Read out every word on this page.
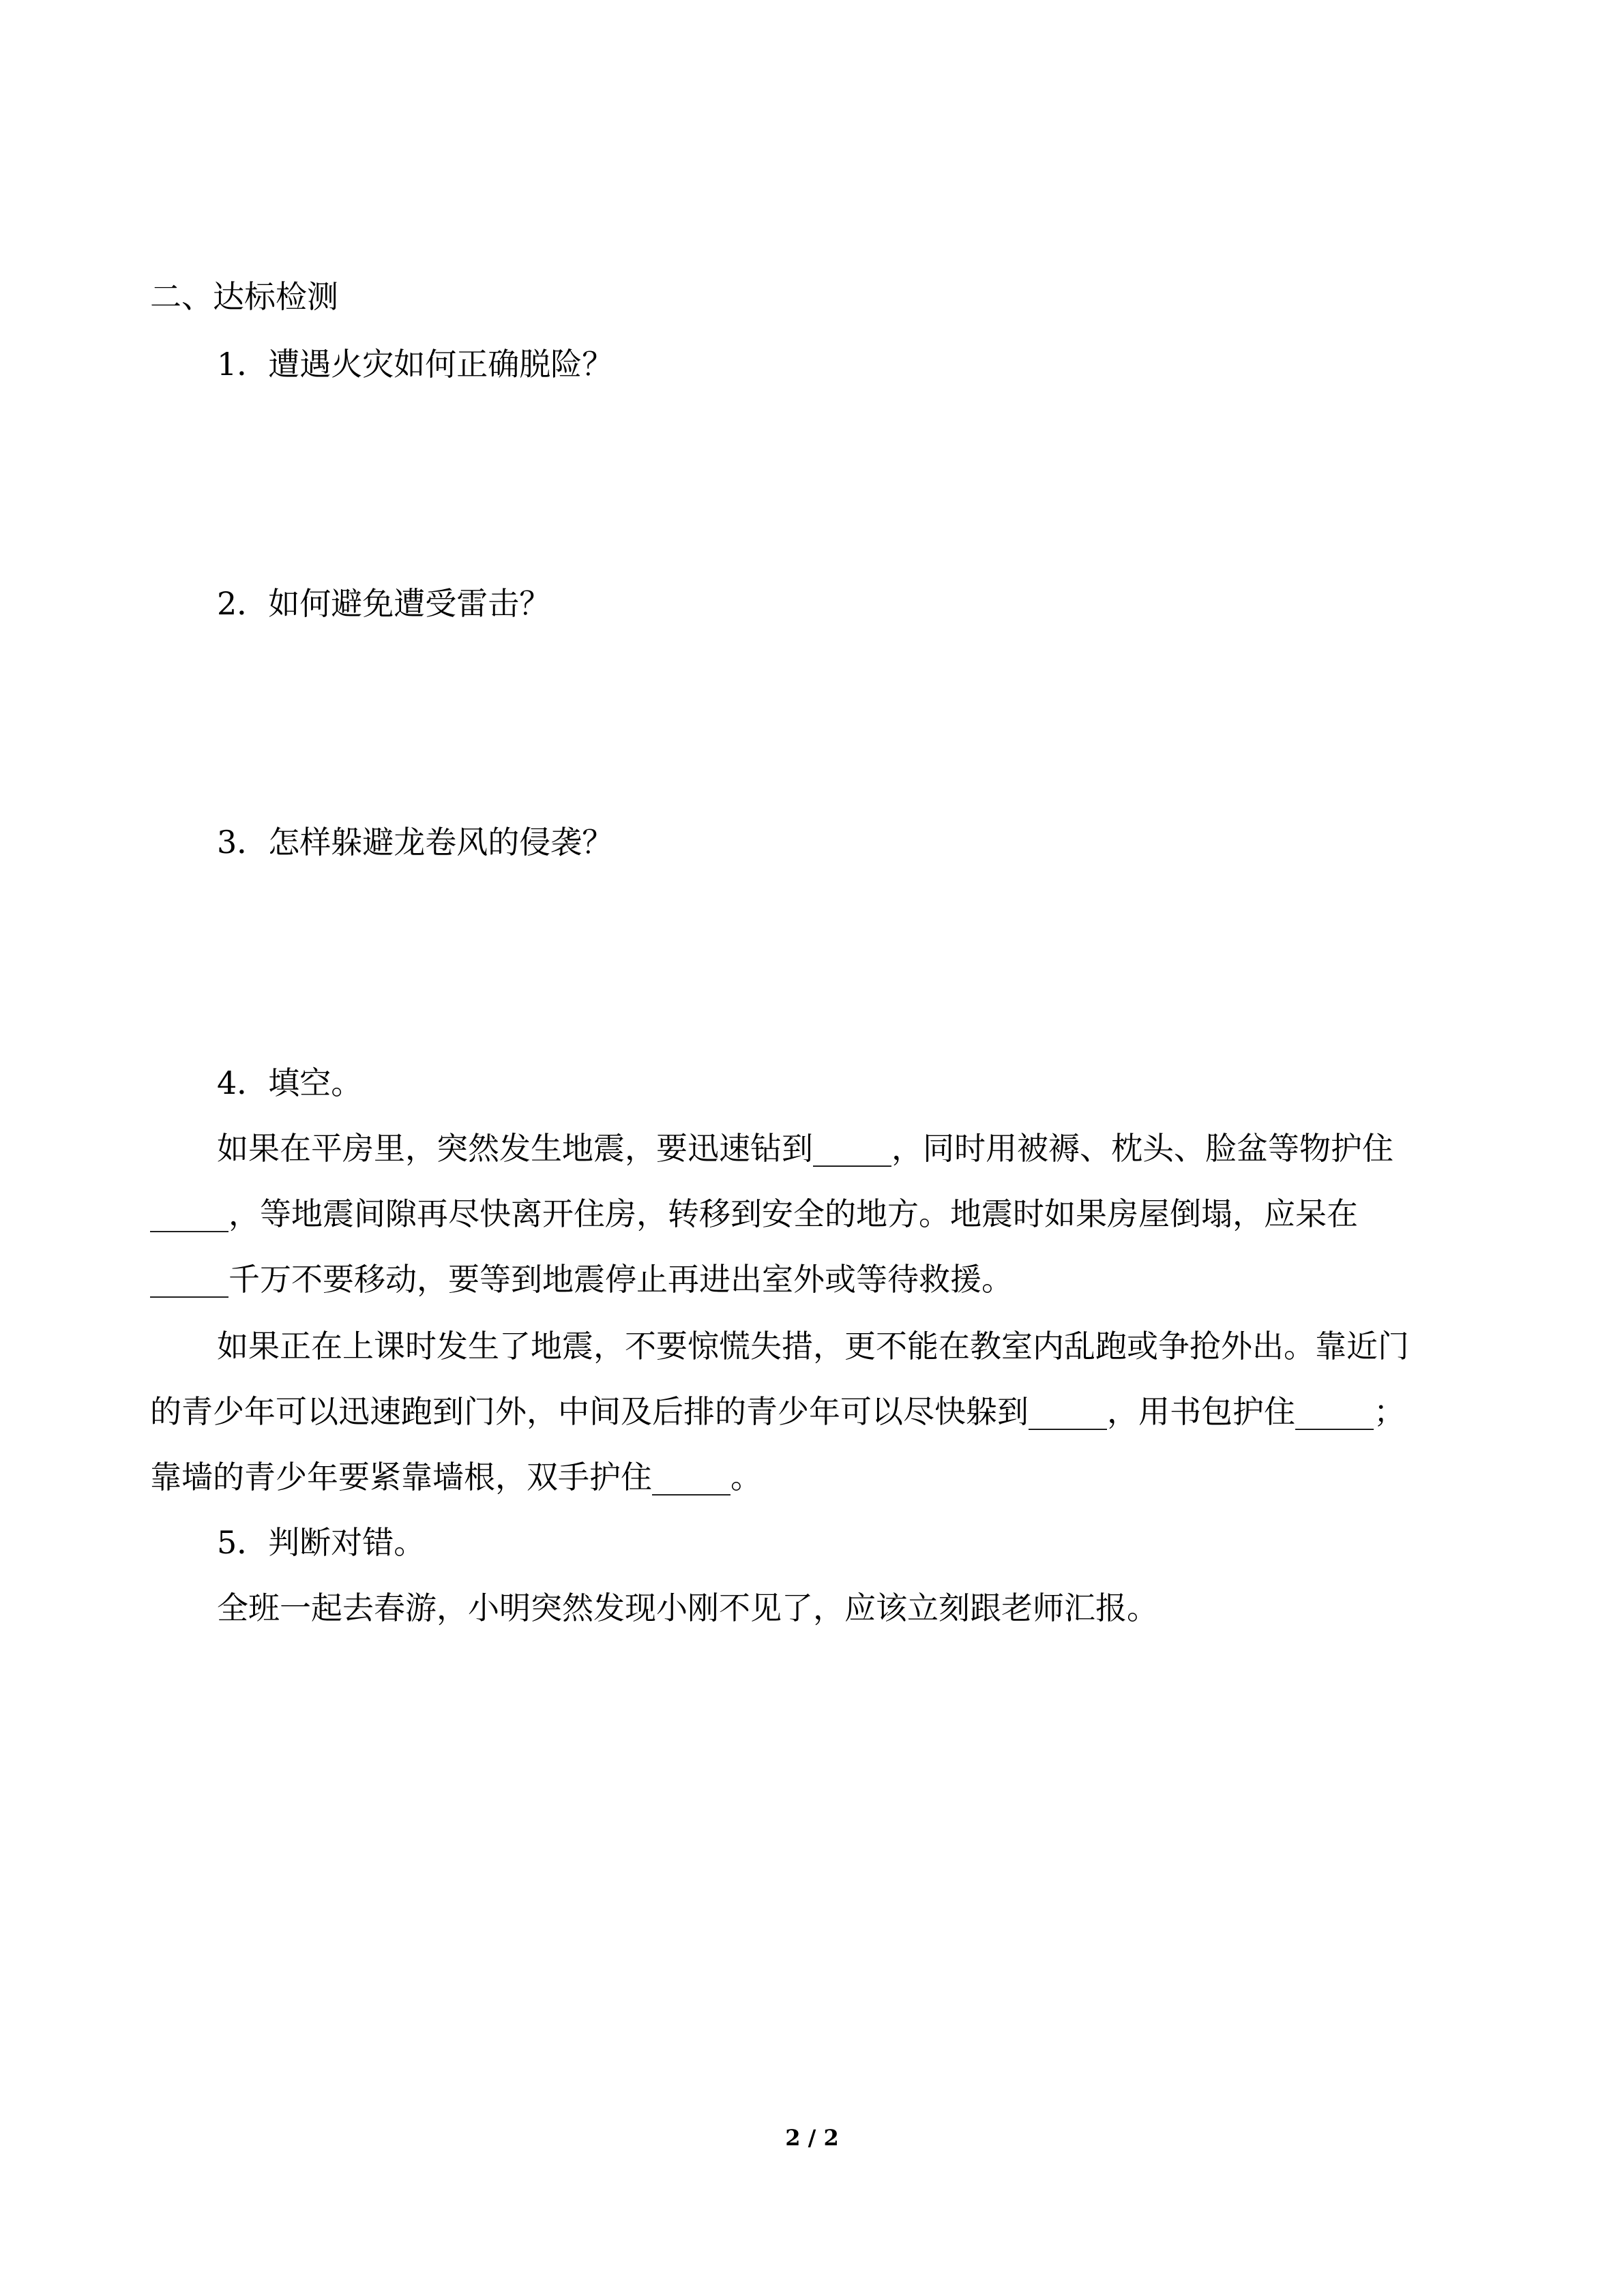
二、达标检测
1．遭遇火灾如何正确脱险？
2．如何避免遭受雷击？
3．怎样躲避龙卷风的侵袭？
4．填空。
如果在平房里，突然发生地震，要迅速钻到_____，同时用被褥、枕头、脸盆等物护住
_____，等地震间隙再尽快离开住房，转移到安全的地方。地震时如果房屋倒塌，应呆在
_____千万不要移动，要等到地震停止再进出室外或等待救援。
如果正在上课时发生了地震，不要惊慌失措，更不能在教室内乱跑或争抢外出。靠近门
的青少年可以迅速跑到门外，中间及后排的青少年可以尽快躲到_____，用书包护住_____；
靠墙的青少年要紧靠墙根，双手护住_____。
5．判断对错。
全班一起去春游，小明突然发现小刚不见了，应该立刻跟老师汇报。
2 / 2
